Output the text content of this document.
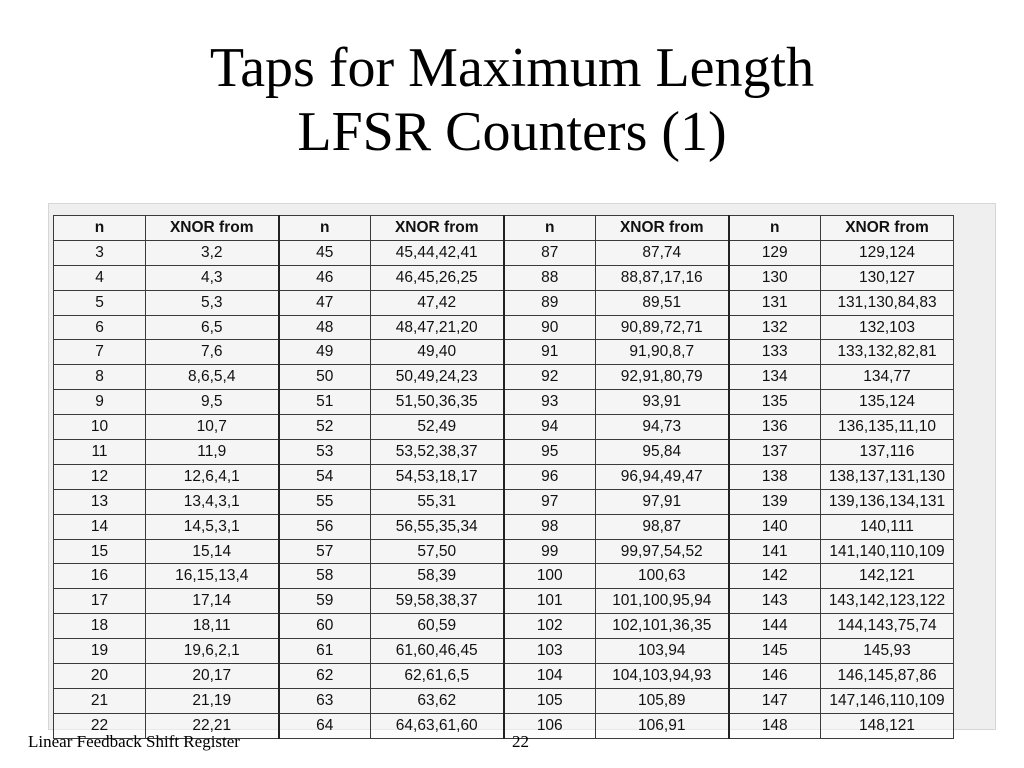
Taps for Maximum Length
LFSR Counters (1)
n	XNOR from	n	XNOR from	n	XNOR from	n	XNOR from
3	3,2	45	45,44,42,41	87	87,74	129	129,124
4	4,3	46	46,45,26,25	88	88,87,17,16	130	130,127
5	5,3	47	47,42	89	89,51	131	131,130,84,83
6	6,5	48	48,47,21,20	90	90,89,72,71	132	132,103
7	7,6	49	49,40	91	91,90,8,7	133	133,132,82,81
8	8,6,5,4	50	50,49,24,23	92	92,91,80,79	134	134,77
9	9,5	51	51,50,36,35	93	93,91	135	135,124
10	10,7	52	52,49	94	94,73	136	136,135,11,10
11	11,9	53	53,52,38,37	95	95,84	137	137,116
12	12,6,4,1	54	54,53,18,17	96	96,94,49,47	138	138,137,131,130
13	13,4,3,1	55	55,31	97	97,91	139	139,136,134,131
14	14,5,3,1	56	56,55,35,34	98	98,87	140	140,111
15	15,14	57	57,50	99	99,97,54,52	141	141,140,110,109
16	16,15,13,4	58	58,39	100	100,63	142	142,121
17	17,14	59	59,58,38,37	101	101,100,95,94	143	143,142,123,122
18	18,11	60	60,59	102	102,101,36,35	144	144,143,75,74
19	19,6,2,1	61	61,60,46,45	103	103,94	145	145,93
20	20,17	62	62,61,6,5	104	104,103,94,93	146	146,145,87,86
21	21,19	63	63,62	105	105,89	147	147,146,110,109
22	22,21	64	64,63,61,60	106	106,91	148	148,121
Linear Feedback Shift Register	22
